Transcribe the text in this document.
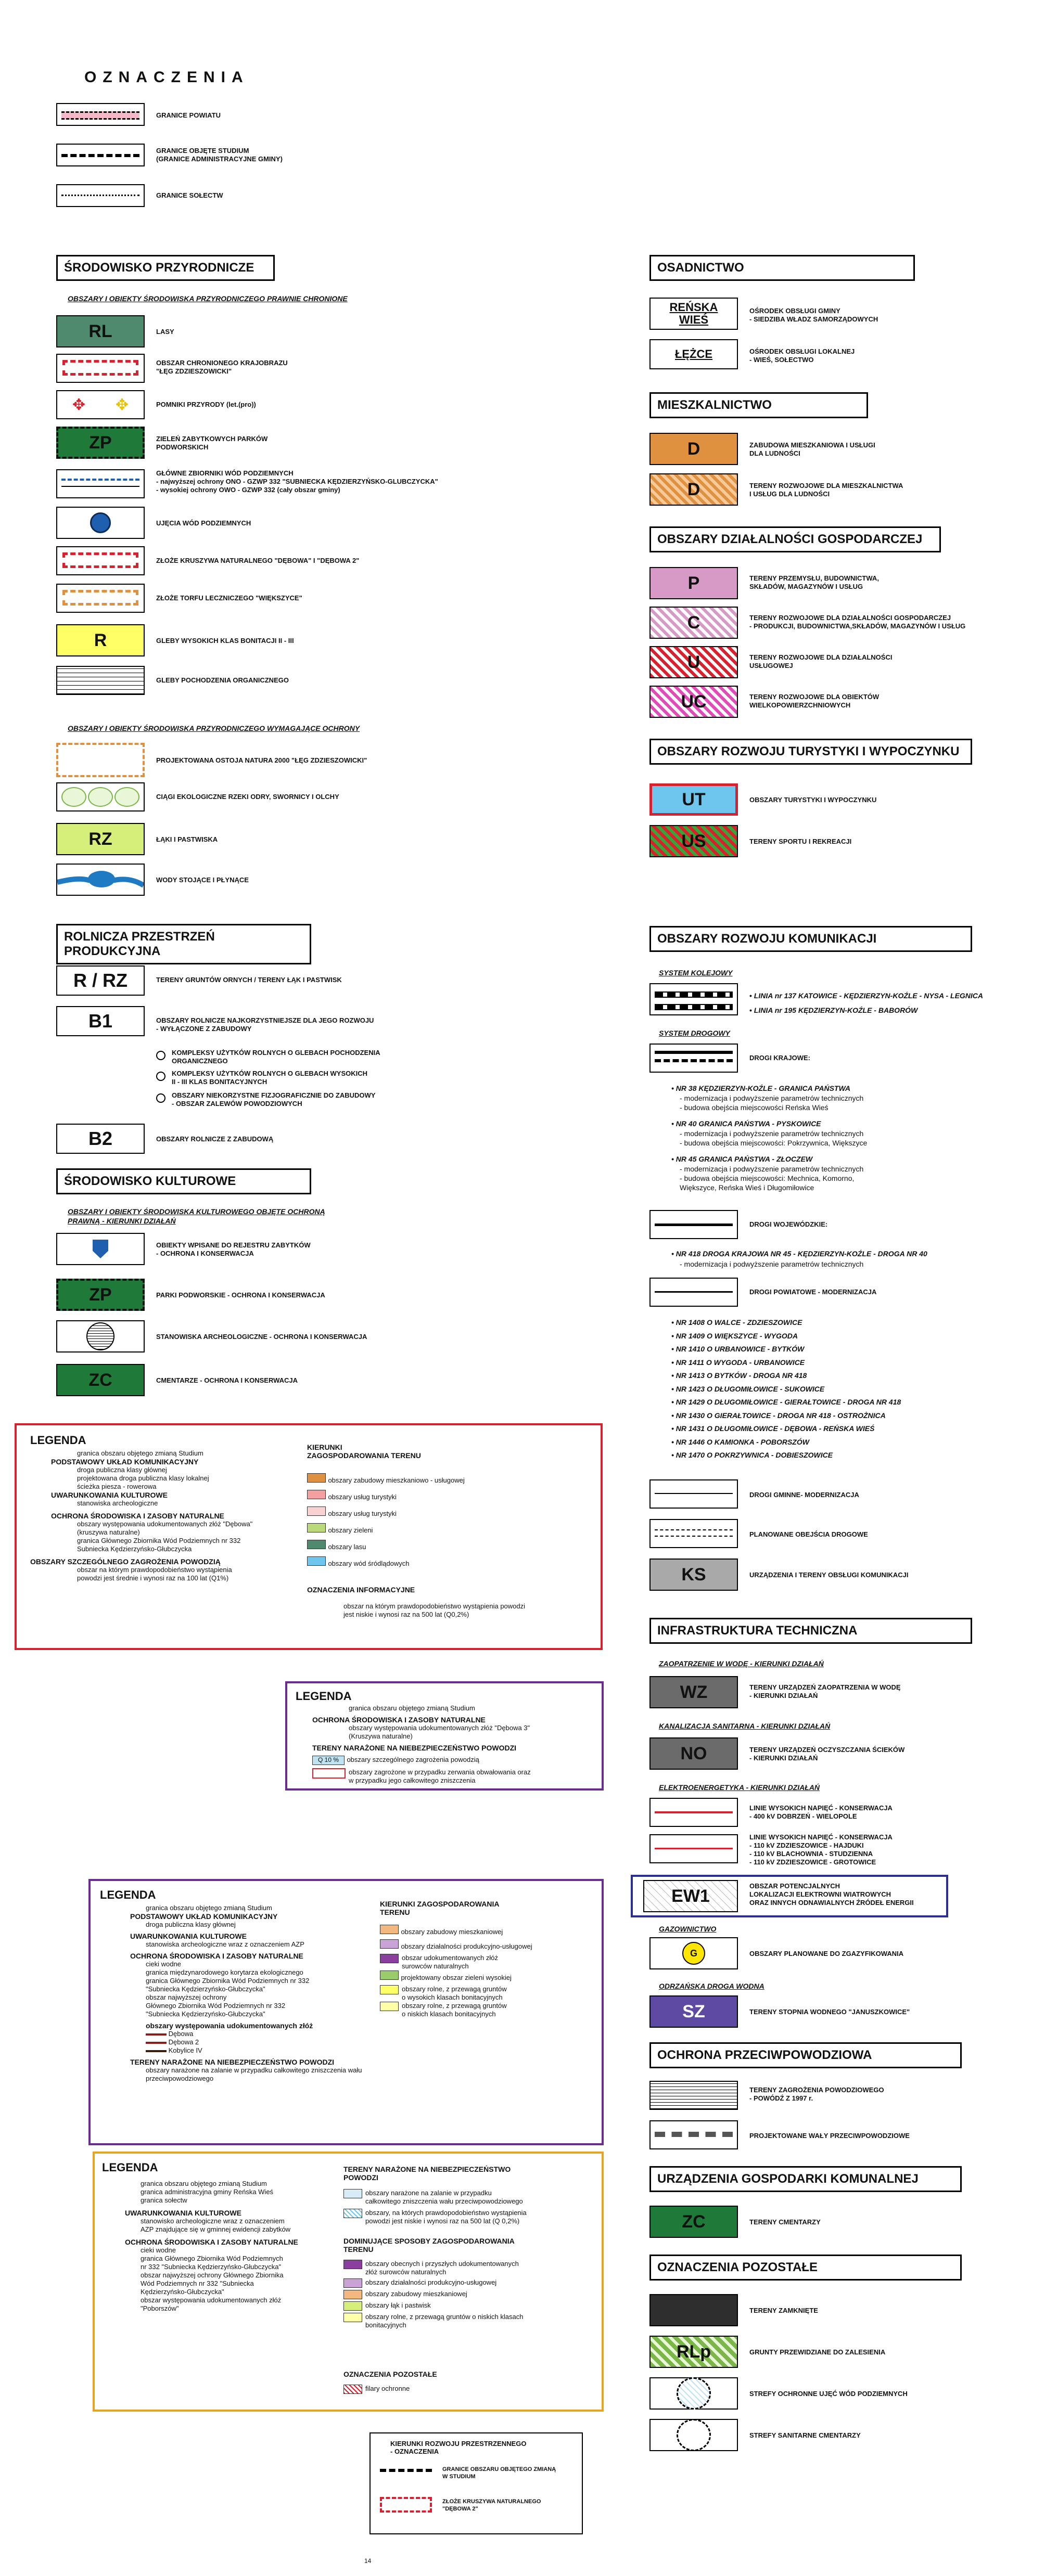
OZNACZENIA
GRANICE POWIATU
GRANICE OBJĘTE STUDIUM
(GRANICE ADMINISTRACYJNE GMINY)
GRANICE SOŁECTW
ŚRODOWISKO PRZYRODNICZE
OBSZARY I OBIEKTY ŚRODOWISKA PRZYRODNICZEGO PRAWNIE CHRONIONE
RL	LASY
OBSZAR CHRONIONEGO KRAJOBRAZU
"ŁĘG ZDZIESZOWICKI"
✥ ✥	POMNIKI PRZYRODY (let.(pro))
ZP	ZIELEŃ ZABYTKOWYCH PARKÓW
PODWORSKICH
GŁÓWNE ZBIORNIKI WÓD PODZIEMNYCH
- najwyższej ochrony ONO - GZWP 332 "SUBNIECKA KĘDZIERZYŃSKO-GLUBCZYCKA"
- wysokiej ochrony OWO - GZWP 332 (cały obszar gminy)
UJĘCIA WÓD PODZIEMNYCH
ZŁOŻE KRUSZYWA NATURALNEGO "DĘBOWA" I "DĘBOWA 2"
ZŁOŻE TORFU LECZNICZEGO "WIĘKSZYCE"
R	GLEBY WYSOKICH KLAS BONITACJI II - III
GLEBY POCHODZENIA ORGANICZNEGO
OBSZARY I OBIEKTY ŚRODOWISKA PRZYRODNICZEGO WYMAGAJĄCE OCHRONY
PROJEKTOWANA OSTOJA NATURA 2000 "ŁĘG ZDZIESZOWICKI"
CIĄGI EKOLOGICZNE RZEKI ODRY, SWORNICY I OLCHY
RZ	ŁĄKI I PASTWISKA
WODY STOJĄCE I PŁYNĄCE
ROLNICZA PRZESTRZEŃ PRODUKCYJNA
R / RZ	TERENY GRUNTÓW ORNYCH / TERENY ŁĄK I PASTWISK
B1	OBSZARY ROLNICZE NAJKORZYSTNIEJSZE DLA JEGO ROZWOJU
- WYŁĄCZONE Z ZABUDOWY
KOMPLEKSY UŻYTKÓW ROLNYCH O GLEBACH POCHODZENIA
ORGANICZNEGO
KOMPLEKSY UŻYTKÓW ROLNYCH O GLEBACH WYSOKICH
II - III KLAS BONITACYJNYCH
OBSZARY NIEKORZYSTNE FIZJOGRAFICZNIE DO ZABUDOWY
- OBSZAR ZALEWÓW POWODZIOWYCH
B2	OBSZARY ROLNICZE Z ZABUDOWĄ
ŚRODOWISKO KULTUROWE
OBSZARY I OBIEKTY ŚRODOWISKA KULTUROWEGO OBJĘTE OCHRONĄ
PRAWNĄ - KIERUNKI DZIAŁAŃ
OBIEKTY WPISANE DO REJESTRU ZABYTKÓW
- OCHRONA I KONSERWACJA
ZP	PARKI PODWORSKIE - OCHRONA I KONSERWACJA
STANOWISKA ARCHEOLOGICZNE - OCHRONA I KONSERWACJA
ZC	CMENTARZE - OCHRONA I KONSERWACJA
OSADNICTWO
REŃSKA
WIEŚ
OŚRODEK OBSŁUGI GMINY
- SIEDZIBA WŁADZ SAMORZĄDOWYCH
ŁĘŻCE	OŚRODEK OBSŁUGI LOKALNEJ
- WIEŚ, SOŁECTWO
MIESZKALNICTWO
D	ZABUDOWA MIESZKANIOWA I USŁUGI
DLA LUDNOŚCI
D	TERENY ROZWOJOWE DLA MIESZKALNICTWA
I USŁUG DLA LUDNOŚCI
OBSZARY DZIAŁALNOŚCI GOSPODARCZEJ
P	TERENY PRZEMYSŁU, BUDOWNICTWA,
SKŁADÓW, MAGAZYNÓW I USŁUG
C	TERENY ROZWOJOWE DLA DZIAŁALNOŚCI GOSPODARCZEJ
- PRODUKCJI, BUDOWNICTWA,SKŁADÓW, MAGAZYNÓW I USŁUG
U	TERENY ROZWOJOWE DLA DZIAŁALNOŚCI
USŁUGOWEJ
UC	TERENY ROZWOJOWE DLA OBIEKTÓW
WIELKOPOWIERZCHNIOWYCH
OBSZARY ROZWOJU TURYSTYKI I WYPOCZYNKU
UT	OBSZARY TURYSTYKI I WYPOCZYNKU
US	TERENY SPORTU I REKREACJI
OBSZARY ROZWOJU KOMUNIKACJI
SYSTEM KOLEJOWY
• LINIA nr 137 KATOWICE - KĘDZIERZYN-KOŹLE - NYSA - LEGNICA
• LINIA nr 195 KĘDZIERZYN-KOŹLE - BABORÓW
SYSTEM DROGOWY
DROGI KRAJOWE:
• NR 38 KĘDZIERZYN-KOŹLE - GRANICA PAŃSTWA
- modernizacja i podwyższenie parametrów technicznych
- budowa obejścia miejscowości Reńska Wieś
• NR 40 GRANICA PAŃSTWA - PYSKOWICE
- modernizacja i podwyższenie parametrów technicznych
- budowa obejścia miejscowości: Pokrzywnica, Większyce
• NR 45 GRANICA PAŃSTWA - ZŁOCZEW
- modernizacja i podwyższenie parametrów technicznych
- budowa obejścia miejscowości: Mechnica, Komorno,
Większyce, Reńska Wieś i Długomiłowice
DROGI WOJEWÓDZKIE:
• NR 418 DROGA KRAJOWA NR 45 - KĘDZIERZYN-KOŹLE - DROGA NR 40
- modernizacja i podwyższenie parametrów technicznych
DROGI POWIATOWE - MODERNIZACJA
• NR 1408 O WALCE - ZDZIESZOWICE
• NR 1409 O WIĘKSZYCE - WYGODA
• NR 1410 O URBANOWICE - BYTKÓW
• NR 1411 O WYGODA - URBANOWICE
• NR 1413 O BYTKÓW - DROGA NR 418
• NR 1423 O DŁUGOMIŁOWICE - SUKOWICE
• NR 1429 O DŁUGOMIŁOWICE - GIERAŁTOWICE - DROGA NR 418
• NR 1430 O GIERAŁTOWICE - DROGA NR 418 - OSTROŻNICA
• NR 1431 O DŁUGOMIŁOWICE - DĘBOWA - REŃSKA WIEŚ
• NR 1446 O KAMIONKA - POBORSZÓW
• NR 1470 O POKRZYWNICA - DOBIESZOWICE
DROGI GMINNE- MODERNIZACJA
PLANOWANE OBEJŚCIA DROGOWE
KS	URZĄDZENIA I TERENY OBSŁUGI KOMUNIKACJI
INFRASTRUKTURA TECHNICZNA
ZAOPATRZENIE W WODĘ - KIERUNKI DZIAŁAŃ
WZ	TERENY URZĄDZEŃ ZAOPATRZENIA W WODĘ
- KIERUNKI DZIAŁAŃ
KANALIZACJA SANITARNA - KIERUNKI DZIAŁAŃ
NO	TERENY URZĄDZEŃ OCZYSZCZANIA ŚCIEKÓW
- KIERUNKI DZIAŁAŃ
ELEKTROENERGETYKA - KIERUNKI DZIAŁAŃ
LINIE WYSOKICH NAPIĘĆ - KONSERWACJA
- 400 kV DOBRZEŃ - WIELOPOLE
LINIE WYSOKICH NAPIĘĆ - KONSERWACJA
- 110 kV ZDZIESZOWICE - HAJDUKI
- 110 kV BLACHOWNIA - STUDZIENNA
- 110 kV ZDZIESZOWICE - GROTOWICE
EW1	OBSZAR POTENCJALNYCH
LOKALIZACJI ELEKTROWNI WIATROWYCH
ORAZ INNYCH ODNAWIALNYCH ŹRÓDEŁ ENERGII
GAZOWNICTWO
G	OBSZARY PLANOWANE DO ZGAZYFIKOWANIA
ODRZAŃSKA DROGA WODNA
SZ	TERENY STOPNIA WODNEGO "JANUSZKOWICE"
OCHRONA PRZECIWPOWODZIOWA
TERENY ZAGROŻENIA POWODZIOWEGO
- POWÓDŹ Z 1997 r.
PROJEKTOWANE WAŁY PRZECIWPOWODZIOWE
URZĄDZENIA GOSPODARKI KOMUNALNEJ
ZC	TERENY CMENTARZY
OZNACZENIA POZOSTAŁE
TERENY ZAMKNIĘTE
RLp	GRUNTY PRZEWIDZIANE DO ZALESIENIA
STREFY OCHRONNE UJĘĆ WÓD PODZIEMNYCH
STREFY SANITARNE CMENTARZY
LEGENDA
granica obszaru objętego zmianą Studium
PODSTAWOWY UKŁAD KOMUNIKACYJNY
droga publiczna klasy głównej
projektowana droga publiczna klasy lokalnej
ścieżka piesza - rowerowa
UWARUNKOWANIA KULTUROWE
stanowiska archeologiczne
OCHRONA ŚRODOWISKA I ZASOBY NATURALNE
obszary występowania udokumentowanych złóż "Dębowa"
(kruszywa naturalne)
granica Głównego Zbiornika Wód Podziemnych nr 332
Subniecka Kędzierzyńsko-Głubczycka
OBSZARY SZCZEGÓLNEGO ZAGROŻENIA POWODZIĄ
obszar na którym prawdopodobieństwo wystąpienia
powodzi jest średnie i wynosi raz na 100 lat (Q1%)
KIERUNKI
ZAGOSPODAROWANIA TERENU
obszary zabudowy mieszkaniowo - usługowej
obszary usług turystyki
obszary usług turystyki
obszary zieleni
obszary lasu
obszary wód śródlądowych
OZNACZENIA INFORMACYJNE
obszar na którym prawdopodobieństwo wystąpienia powodzi
jest niskie i wynosi raz na 500 lat (Q0,2%)
LEGENDA
granica obszaru objętego zmianą Studium
OCHRONA ŚRODOWISKA I ZASOBY NATURALNE
obszary występowania udokumentowanych złóż "Dębowa 3"
(Kruszywa naturalne)
TERENY NARAŻONE NA NIEBEZPIECZEŃSTWO POWODZI
Q 10 % obszary szczególnego zagrożenia powodzią
obszary zagrożone w przypadku zerwania obwałowania oraz
w przypadku jego całkowitego zniszczenia
LEGENDA
granica obszaru objętego zmianą Studium
PODSTAWOWY UKŁAD KOMUNIKACYJNY
droga publiczna klasy głównej
UWARUNKOWANIA KULTUROWE
stanowiska archeologiczne wraz z oznaczeniem AZP
OCHRONA ŚRODOWISKA I ZASOBY NATURALNE
cieki wodne
granica międzynarodowego korytarza ekologicznego
granica Głównego Zbiornika Wód Podziemnych nr 332
"Subniecka Kędzierzyńsko-Głubczycka"
obszar najwyższej ochrony
Głównego Zbiornika Wód Podziemnych nr 332
"Subniecka Kędzierzyńsko-Głubczycka"
obszary występowania udokumentowanych złóż
Dębowa
Dębowa 2
Kobylice IV
TERENY NARAŻONE NA NIEBEZPIECZEŃSTWO POWODZI
obszary narażone na zalanie w przypadku całkowitego zniszczenia wału przeciwpowodziowego
KIERUNKI ZAGOSPODAROWANIA
TERENU
obszary zabudowy mieszkaniowej
obszary działalności produkcyjno-usługowej
obszar udokumentowanych złóż
surowców naturalnych
projektowany obszar zieleni wysokiej
obszary rolne, z przewagą gruntów
o wysokich klasach bonitacyjnych
obszary rolne, z przewagą gruntów
o niskich klasach bonitacyjnych
LEGENDA
granica obszaru objętego zmianą Studium
granica administracyjna gminy Reńska Wieś
granica sołectw
UWARUNKOWANIA KULTUROWE
stanowisko archeologiczne wraz z oznaczeniem
AZP znajdujące się w gminnej ewidencji zabytków
OCHRONA ŚRODOWISKA I ZASOBY NATURALNE
cieki wodne
granica Głównego Zbiornika Wód Podziemnych
nr 332 "Subniecka Kędzierzyńsko-Głubczycka"
obszar najwyższej ochrony Głównego Zbiornika
Wód Podziemnych nr 332 "Subniecka
Kędzierzyńsko-Głubczycka"
obszar występowania udokumentowanych złóż
"Poborszów"
TERENY NARAŻONE NA NIEBEZPIECZEŃSTWO
POWODZI
obszary narażone na zalanie w przypadku
całkowitego zniszczenia wału przeciwpowodziowego
obszary, na których prawdopodobieństwo wystąpienia
powodzi jest niskie i wynosi raz na 500 lat (Q 0,2%)
DOMINUJĄCE SPOSOBY ZAGOSPODAROWANIA
TERENU
obszary obecnych i przyszłych udokumentowanych
złóż surowców naturalnych
obszary działalności produkcyjno-usługowej
obszary zabudowy mieszkaniowej
obszary łąk i pastwisk
obszary rolne, z przewagą gruntów o niskich klasach
bonitacyjnych
OZNACZENIA POZOSTAŁE
filary ochronne
KIERUNKI ROZWOJU PRZESTRZENNEGO
- OZNACZENIA
GRANICE OBSZARU OBJĘTEGO ZMIANĄ
W STUDIUM
ZŁOŻE KRUSZYWA NATURALNEGO
"DĘBOWA 2"
14
